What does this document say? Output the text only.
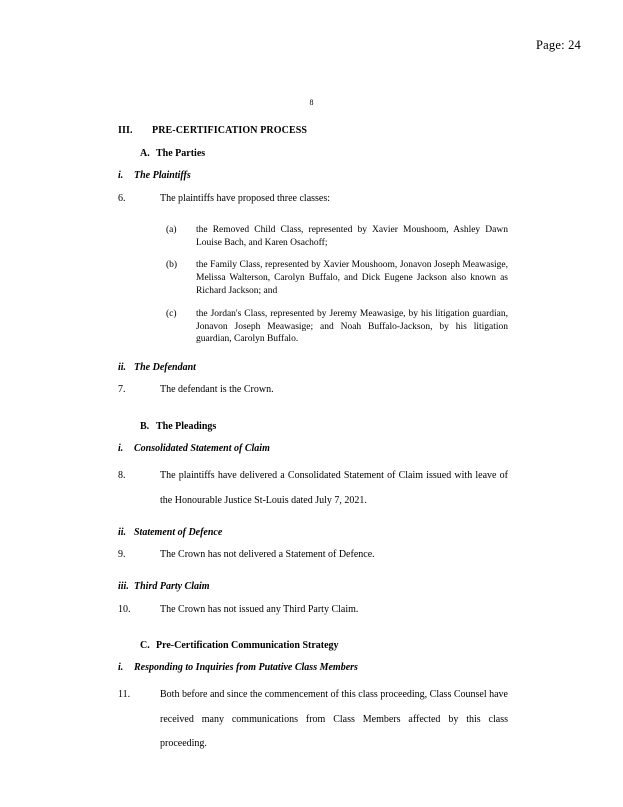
Page: 24
8
III. PRE-CERTIFICATION PROCESS
A. The Parties
i. The Plaintiffs
6.	The plaintiffs have proposed three classes:
(a) the Removed Child Class, represented by Xavier Moushoom, Ashley Dawn Louise Bach, and Karen Osachoff;
(b) the Family Class, represented by Xavier Moushoom, Jonavon Joseph Meawasige, Melissa Walterson, Carolyn Buffalo, and Dick Eugene Jackson also known as Richard Jackson; and
(c) the Jordan's Class, represented by Jeremy Meawasige, by his litigation guardian, Jonavon Joseph Meawasige; and Noah Buffalo-Jackson, by his litigation guardian, Carolyn Buffalo.
ii. The Defendant
7.	The defendant is the Crown.
B. The Pleadings
i. Consolidated Statement of Claim
8.	The plaintiffs have delivered a Consolidated Statement of Claim issued with leave of the Honourable Justice St-Louis dated July 7, 2021.
ii. Statement of Defence
9.	The Crown has not delivered a Statement of Defence.
iii. Third Party Claim
10.	The Crown has not issued any Third Party Claim.
C. Pre-Certification Communication Strategy
i. Responding to Inquiries from Putative Class Members
11.	Both before and since the commencement of this class proceeding, Class Counsel have received many communications from Class Members affected by this class proceeding.
